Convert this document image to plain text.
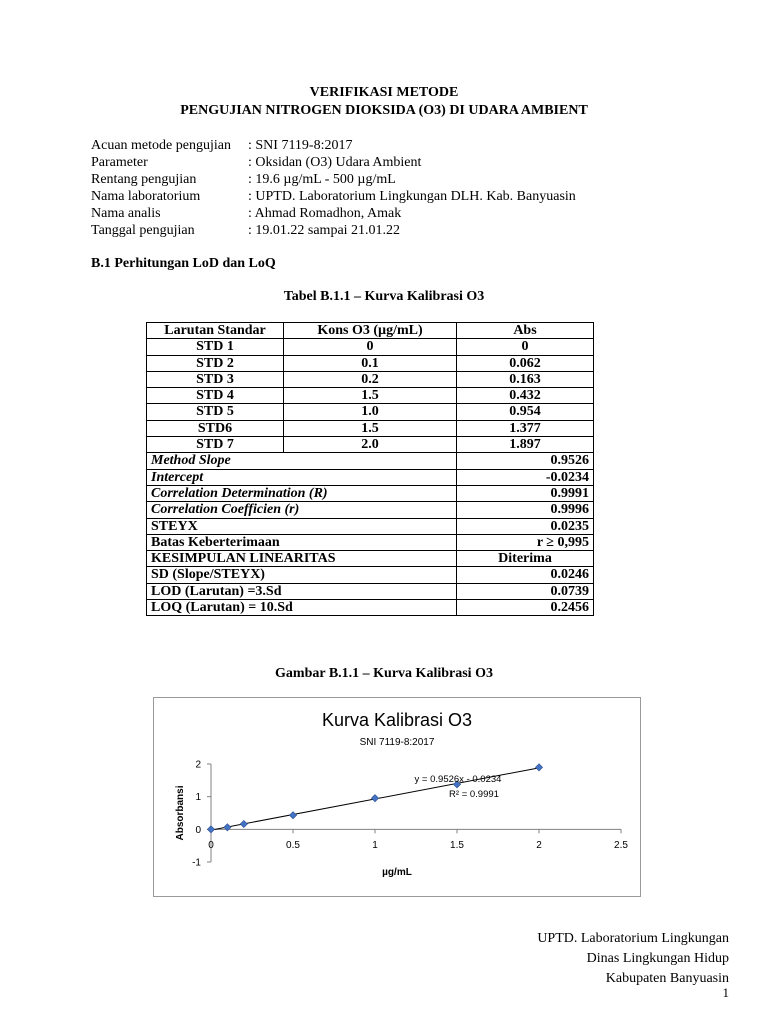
VERIFIKASI METODE
PENGUJIAN NITROGEN DIOKSIDA (O3) DI UDARA AMBIENT
Acuan metode pengujian	: SNI 7119-8:2017
Parameter	: Oksidan (O3) Udara Ambient
Rentang pengujian	: 19.6 µg/mL - 500 µg/mL
Nama laboratorium	: UPTD. Laboratorium Lingkungan DLH. Kab. Banyuasin
Nama analis	: Ahmad Romadhon, Amak
Tanggal pengujian	: 19.01.22 sampai 21.01.22
B.1 Perhitungan LoD dan LoQ
Tabel B.1.1 – Kurva Kalibrasi O3
Larutan Standar	Kons O3 (µg/mL)	Abs
STD 1	0	0
STD 2	0.1	0.062
STD 3	0.2	0.163
STD 4	1.5	0.432
STD 5	1.0	0.954
STD6	1.5	1.377
STD 7	2.0	1.897
Method Slope		0.9526
Intercept		-0.0234
Correlation Determination (R)		0.9991
Correlation Coefficien (r)		0.9996
STEYX		0.0235
Batas Keberterimaan		r ≥ 0,995
KESIMPULAN LINEARITAS		Diterima
SD (Slope/STEYX)		0.0246
LOD (Larutan) =3.Sd		0.0739
LOQ (Larutan) = 10.Sd		0.2456
Gambar B.1.1 – Kurva Kalibrasi O3
Kurva Kalibrasi O3
SNI 7119-8:2017
0	0.5	1	1.5	2	2.5
-1
0
1
2
y = 0.9526x - 0.0234
R² = 0.9991
µg/mL
Absorbansi
UPTD. Laboratorium Lingkungan
Dinas Lingkungan Hidup
Kabupaten Banyuasin
1
